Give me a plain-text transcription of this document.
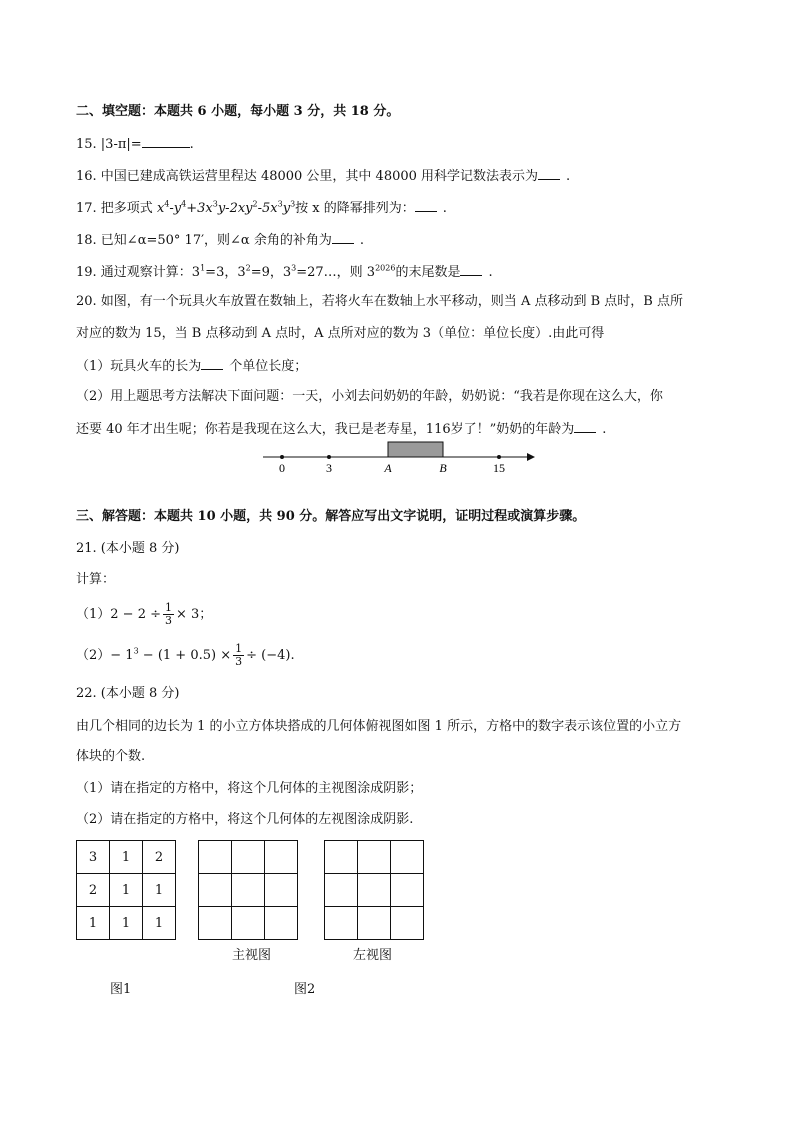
二、填空题：本题共 6 小题，每小题 3 分，共 18 分。
15. |3-π|=	.
16. 中国已建成高铁运营里程达 48000 公里，其中 48000 用科学记数法表示为 .
17. 把多项式 $x^4-y^4+3x^3y-2xy^2-5x^3y^3$按 x 的降幂排列为： .
18. 已知∠α=50° 17′，则∠α 余角的补角为 .
19. 通过观察计算：$3^1=3$，$3^2=9$，$3^3=27\dots$，则 $3^{2026}$的末尾数是 .
20. 如图，有一个玩具火车放置在数轴上，若将火车在数轴上水平移动，则当 A 点移动到 B 点时，B 点所
对应的数为 15，当 B 点移动到 A 点时，A 点所对应的数为 3（单位：单位长度）.由此可得
（1）玩具火车的长为 个单位长度；
（2）用上题思考方法解决下面问题：一天，小刘去问奶奶的年龄，奶奶说：“我若是你现在这么大，你
还要 40 年才出生呢；你若是我现在这么大，我已是老寿星，116岁了！”奶奶的年龄为 .
0	3	A	B	15
三、解答题：本题共 10 小题，共 90 分。解答应写出文字说明，证明过程或演算步骤。
21. (本小题 8 分)
计算：
$(1)2 - 2 \div \frac{1}{3} \times 3$；
$(2)- 1^3 - (1 + 0.5) \times \frac{1}{3} \div (-4)$.
22. (本小题 8 分)
由几个相同的边长为 1 的小立方体块搭成的几何体俯视图如图 1 所示，方格中的数字表示该位置的小立方
体块的个数.
（1）请在指定的方格中，将这个几何体的主视图涂成阴影；
（2）请在指定的方格中，将这个几何体的左视图涂成阴影.
3	1	2
2	1	1
1	1	1

主视图

			左视图
图1	图2
